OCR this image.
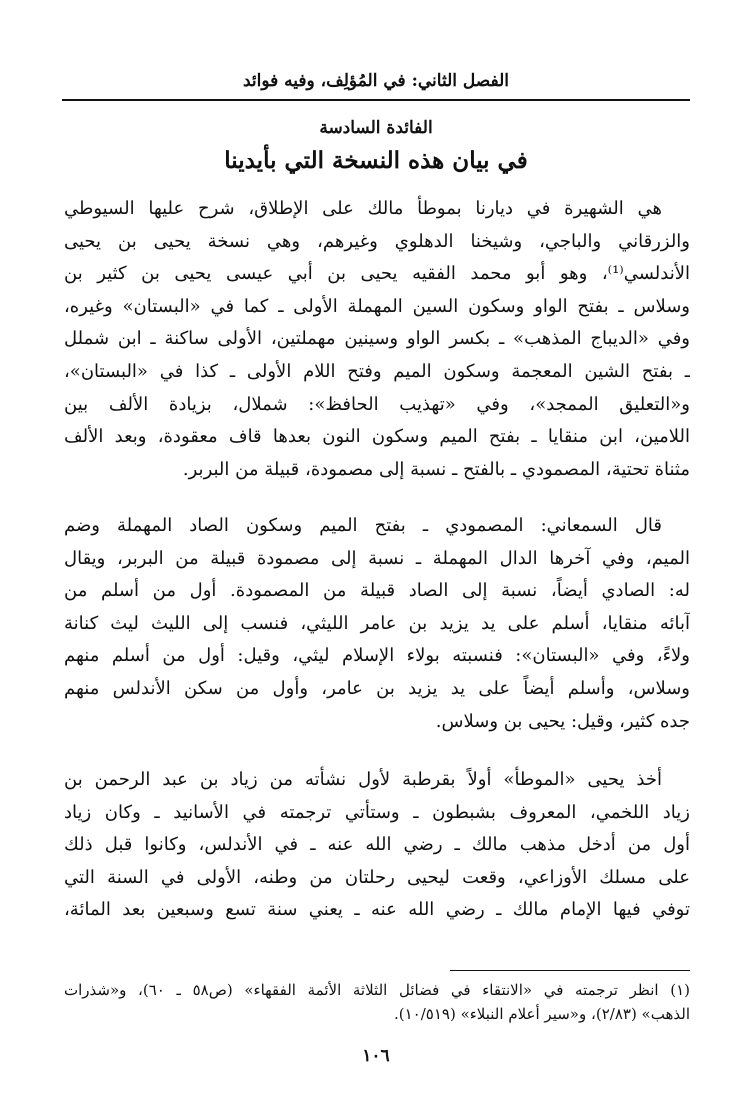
الفصل الثاني: في المُؤلِف، وفيه فوائد
الفائدة السادسة
في بيان هذه النسخة التي بأيدينا

هي الشهيرة في ديارنا بموطأ مالك على الإطلاق، شرح عليها السيوطي
والزرقاني والباجي، وشيخنا الدهلوي وغيرهم، وهي نسخة يحيى بن يحيى
الأندلسي⁽¹⁾، وهو أبو محمد الفقيه يحيى بن أبي عيسى يحيى بن كثير بن
وسلاس ـ بفتح الواو وسكون السين المهملة الأولى ـ كما في «البستان» وغيره،
وفي «الديباج المذهب» ـ بكسر الواو وسينين مهملتين، الأولى ساكنة ـ ابن شملل
ـ بفتح الشين المعجمة وسكون الميم وفتح اللام الأولى ـ كذا في «البستان»،
و«التعليق الممجد»، وفي «تهذيب الحافظ»: شملال، بزيادة الألف بين
اللامين، ابن منقايا ـ بفتح الميم وسكون النون بعدها قاف معقودة، وبعد الألف
مثناة تحتية، المصمودي ـ بالفتح ـ نسبة إلى مصمودة، قبيلة من البربر.

قال السمعاني: المصمودي ـ بفتح الميم وسكون الصاد المهملة وضم
الميم، وفي آخرها الدال المهملة ـ نسبة إلى مصمودة قبيلة من البربر، ويقال
له: الصادي أيضاً، نسبة إلى الصاد قبيلة من المصمودة. أول من أسلم من
آبائه منقايا، أسلم على يد يزيد بن عامر الليثي، فنسب إلى الليث ليث كنانة
ولاءً، وفي «البستان»: فنسبته بولاء الإسلام ليثي، وقيل: أول من أسلم منهم
وسلاس، وأسلم أيضاً على يد يزيد بن عامر، وأول من سكن الأندلس منهم
جده كثير، وقيل: يحيى بن وسلاس.

أخذ يحيى «الموطأ» أولاً بقرطبة لأول نشأته من زياد بن عبد الرحمن بن
زياد اللخمي، المعروف بشبطون ـ وستأتي ترجمته في الأسانيد ـ وكان زياد
أول من أدخل مذهب مالك ـ رضي الله عنه ـ في الأندلس، وكانوا قبل ذلك
على مسلك الأوزاعي، وقعت ليحيى رحلتان من وطنه، الأولى في السنة التي
توفي فيها الإمام مالك ـ رضي الله عنه ـ يعني سنة تسع وسبعين بعد المائة،

(١) انظر ترجمته في «الانتقاء في فضائل الثلاثة الأئمة الفقهاء» (ص٥٨ ـ ٦٠)، و«شذرات
الذهب» (٢/٨٣)، و«سير أعلام النبلاء» (١٠/٥١٩).
١٠٦
